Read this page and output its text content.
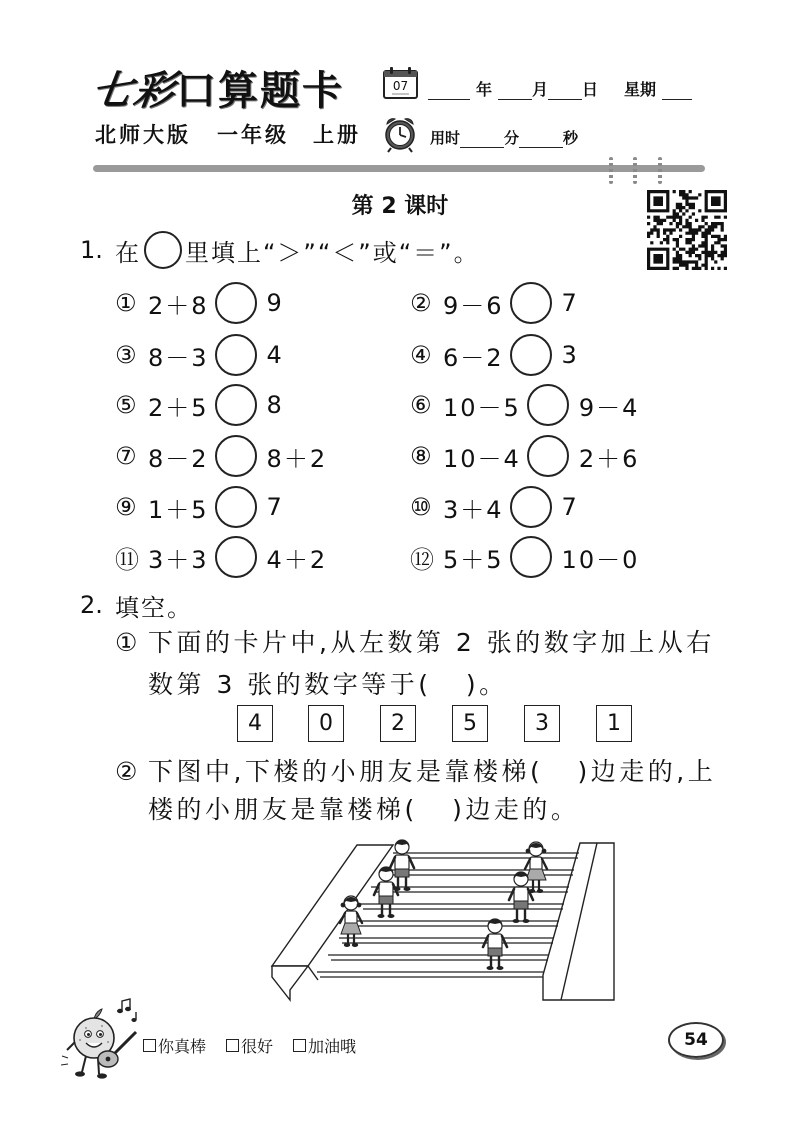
七彩口算题卡	07	年	月 日 星期
北师大版 一年级 上册	用时	分	秒
第 2 课时
1. 在 里填上“＞”“＜”或“＝”。
① 2＋8 9	② 9－6 7
③ 8－3 4	④ 6－2 3
⑤ 2＋5 8	⑥ 10－5 9－4
⑦ 8－2 8＋2	⑧ 10－4 2＋6
⑨ 1＋5 7	⑩ 3＋4 7
⑪ 3＋3 4＋2	⑫ 5＋5 10－0
2. 填空。
① 下面的卡片中,从左数第 2 张的数字加上从右
数第 3 张的数字等于(   )。
4	0	2	5	3	1
② 下图中,下楼的小朋友是靠楼梯(   )边走的,上
楼的小朋友是靠楼梯(   )边走的。
你真棒 很好 加油哦	54
